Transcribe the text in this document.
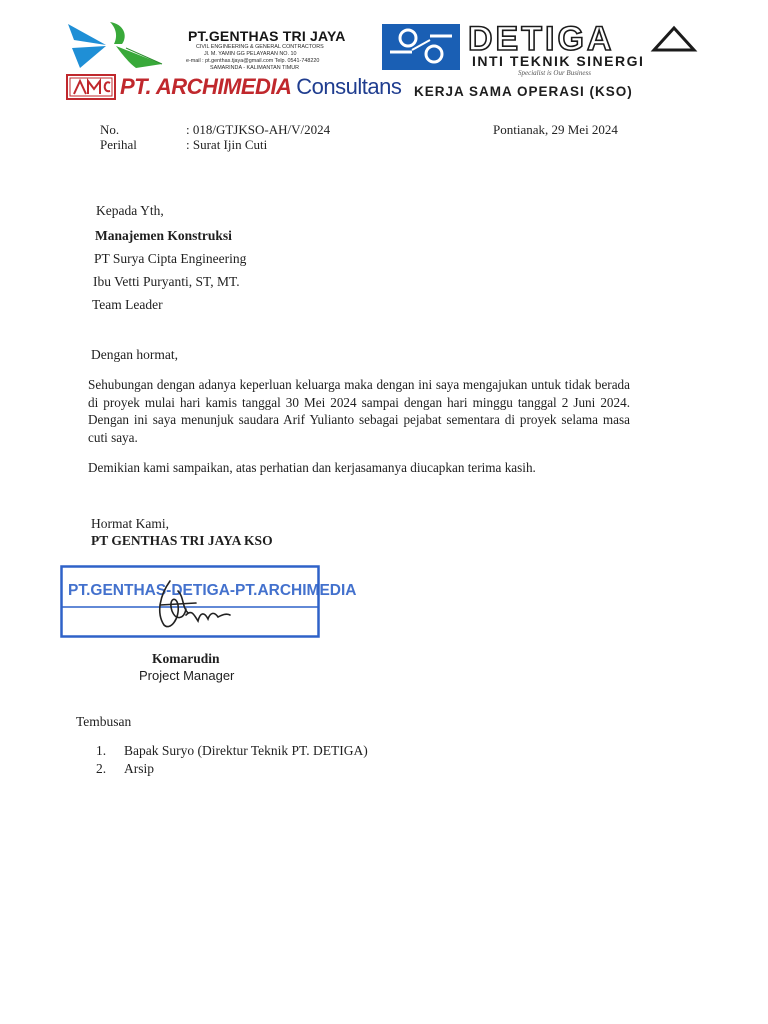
PT.GENTHAS TRI JAYA
CIVIL ENGINEERING & GENERAL CONTRACTORS
Jl. M. YAMIN GG PELAYARAN NO. 10
e-mail : pt.genthas.tjaya@gmail.com Telp. 0541-748220
SAMARINDA - KALIMANTAN TIMUR
DETIGA
INTI TEKNIK SINERGI
Specialist is Our Business
PT. ARCHIMEDIA Consultans KERJA SAMA OPERASI (KSO)
No.	: 018/GTJKSO-AH/V/2024
Perihal	: Surat Ijin Cuti
Pontianak, 29 Mei 2024
Kepada Yth,
Manajemen Konstruksi
PT Surya Cipta Engineering
Ibu Vetti Puryanti, ST, MT.
Team Leader
Dengan hormat,
Sehubungan dengan adanya keperluan keluarga maka dengan ini saya mengajukan untuk tidak berada di proyek mulai hari kamis tanggal 30 Mei 2024 sampai dengan hari minggu tanggal 2 Juni 2024. Dengan ini saya menunjuk saudara Arif Yulianto sebagai pejabat sementara di proyek selama masa cuti saya.
Demikian kami sampaikan, atas perhatian dan kerjasamanya diucapkan terima kasih.
Hormat Kami,
PT GENTHAS TRI JAYA KSO
PT.GENTHAS-DETIGA-PT.ARCHIMEDIA
Komarudin
Project Manager
Tembusan
1. Bapak Suryo (Direktur Teknik PT. DETIGA)
2. Arsip
